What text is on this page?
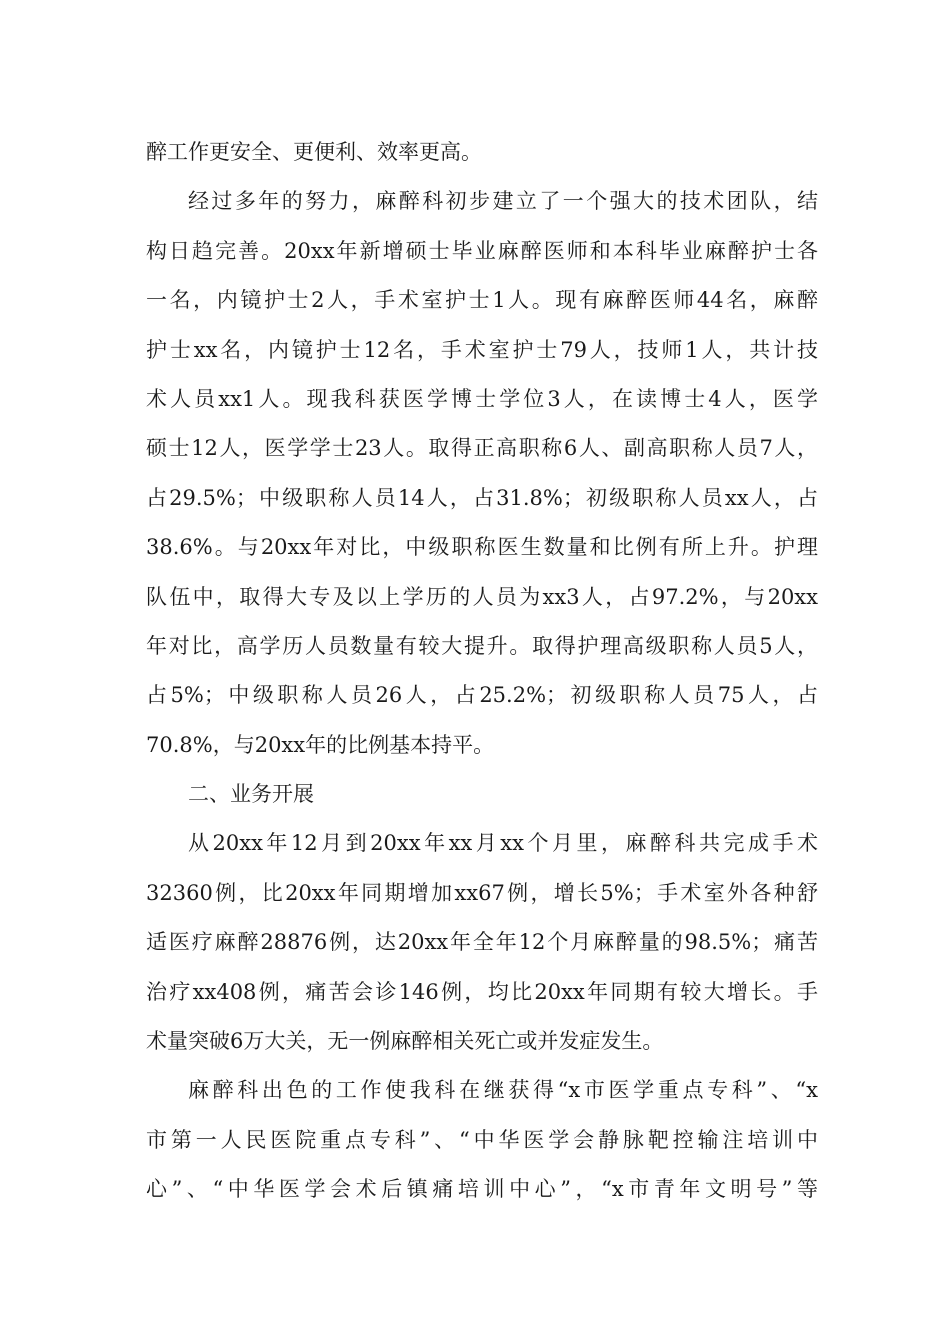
醉工作更安全、更便利、效率更高。
经过多年的努力，麻醉科初步建立了一个强大的技术团队，结
构日趋完善。20xx年新增硕士毕业麻醉医师和本科毕业麻醉护士各
一名，内镜护士2人，手术室护士1人。现有麻醉医师44名，麻醉
护士xx名，内镜护士12名，手术室护士79人，技师1人，共计技
术人员xx1人。现我科获医学博士学位3人，在读博士4人，医学
硕士12人，医学学士23人。取得正高职称6人、副高职称人员7人，
占29.5%；中级职称人员14人，占31.8%；初级职称人员xx人，占
38.6%。与20xx年对比，中级职称医生数量和比例有所上升。护理
队伍中，取得大专及以上学历的人员为xx3人，占97.2%，与20xx
年对比，高学历人员数量有较大提升。取得护理高级职称人员5人，
占5%；中级职称人员26人，占25.2%；初级职称人员75人，占
70.8%，与20xx年的比例基本持平。
二、业务开展
从20xx年12月到20xx年xx月xx个月里，麻醉科共完成手术
32360例，比20xx年同期增加xx67例，增长5%；手术室外各种舒
适医疗麻醉28876例，达20xx年全年12个月麻醉量的98.5%；痛苦
治疗xx408例，痛苦会诊146例，均比20xx年同期有较大增长。手
术量突破6万大关，无一例麻醉相关死亡或并发症发生。
麻醉科出色的工作使我科在继获得“x市医学重点专科”、“x
市第一人民医院重点专科”、“中华医学会静脉靶控输注培训中
心”、“中华医学会术后镇痛培训中心”，“x市青年文明号”等
